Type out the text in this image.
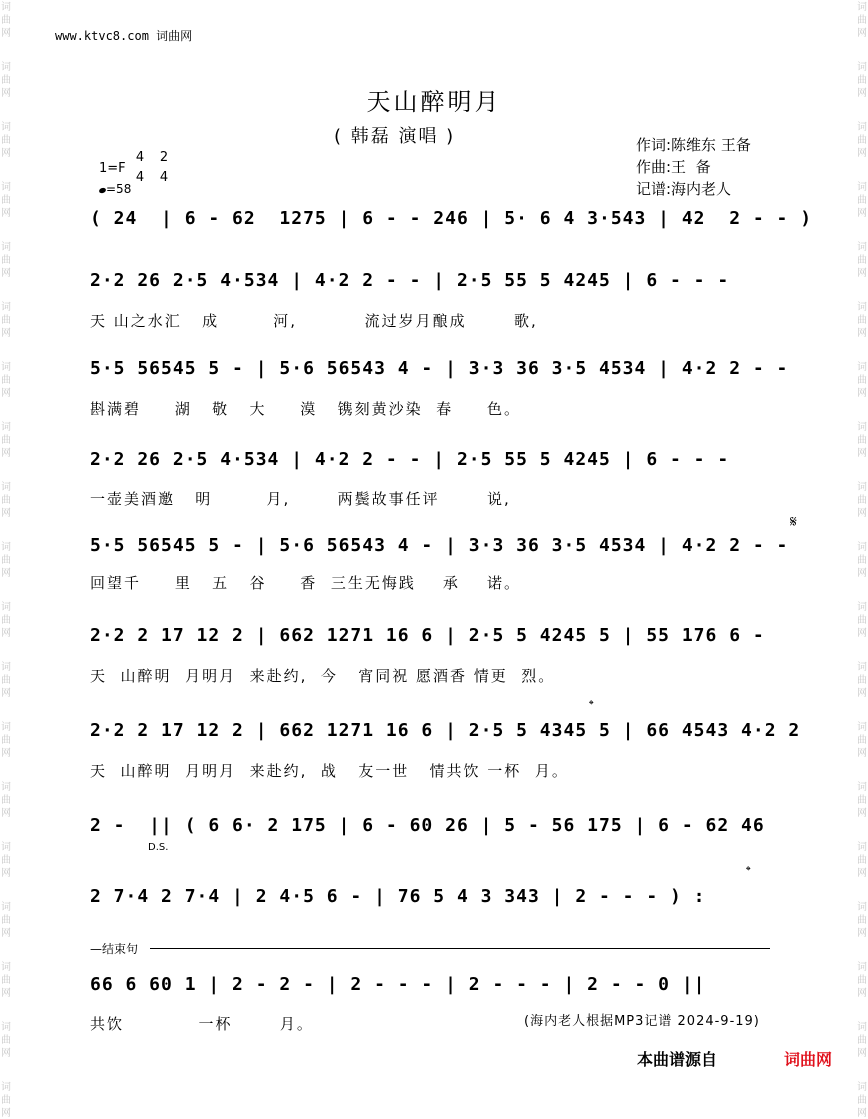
词
曲
网
词
曲
网
词
曲
网
词
曲
网
词
曲
网
词
曲
网
词
曲
网
词
曲
网
词
曲
网
词
曲
网
词
曲
网
词
曲
网
词
曲
网
词
曲
网
词
曲
网
词
曲
网
词
曲
网
词
曲
网
词
曲
网
词
曲
网
词
曲
网
词
曲
网
词
曲
网
词
曲
网
词
曲
网
词
曲
网
词
曲
网
词
曲
网
词
曲
网
词
曲
网
词
曲
网
词
曲
网
词
曲
网
词
曲
网
词
曲
网
词
曲
网
词
曲
网
词
曲
网
www.ktvc8.com 词曲网
天山醉明月
( 韩磊 演唱 )	作词:陈维东 王备
作曲:王  备
记谱:海内老人
1=F
4
4
2
4
=58
( 24  | 6 - 62  1275 | 6 - - 246 | 5· 6 4 3·543 | 42  2 - - )
2·2 26 2·5 4·534 | 4·2 2 - - | 2·5 55 5 4245 | 6 - - -
天 山之水汇   成        河,          流过岁月酿成       歌,
5·5 56545 5 - | 5·6 56543 4 - | 3·3 36 3·5 4534 | 4·2 2 - -
斟满碧     湖   敬   大     漠   镌刻黄沙染  春     色。
2·2 26 2·5 4·534 | 4·2 2 - - | 2·5 55 5 4245 | 6 - - -
一壶美酒邀   明        月,       两鬓故事任评       说,
5·5 56545 5 - | 5·6 56543 4 - | 3·3 36 3·5 4534 | 4·2 2 - -
回望千     里   五   谷     香  三生无悔践    承    诺。
2·2 2 17 12 2 | 662 1271 16 6 | 2·5 5 4245 5 | 55 176 6 -
天  山醉明  月明月  来赴约,  今   宵同祝 愿酒香 情更  烈。
2·2 2 17 12 2 | 662 1271 16 6 | 2·5 5 4345 5 | 66 4543 4·2 2
天  山醉明  月明月  来赴约,  战   友一世   情共饮 一杯  月。
2 -  || ( 6 6· 2 175 | 6 - 60 26 | 5 - 56 175 | 6 - 62 46
D.S.
2 7·4 2 7·4 | 2 4·5 6 - | 76 5 4 3 343 | 2 - - - ) :
—结束句
66 6 60 1 | 2 - 2 - | 2 - - - | 2 - - - | 2 - - 0 ||
共饮           一杯       月。
𝄋
𝄌
𝄌
(海内老人根据MP3记谱 2024-9-19)
本曲谱源自	词曲网
